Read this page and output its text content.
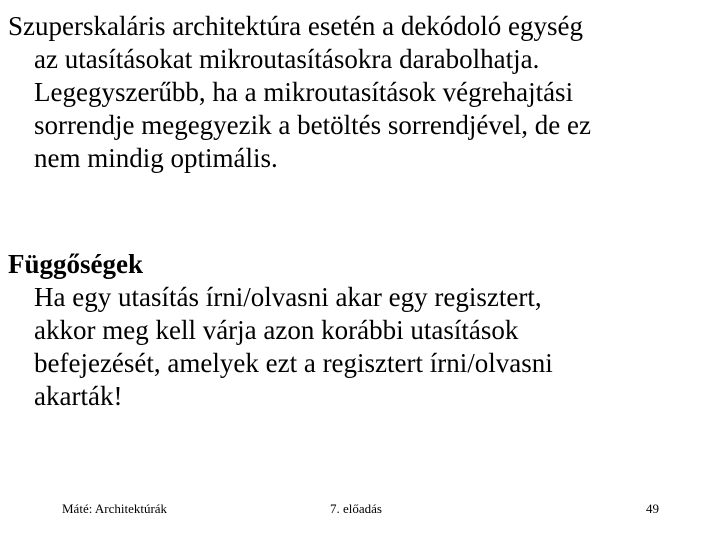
Szuperskaláris architektúra esetén a dekódoló egység
az utasításokat mikroutasításokra darabolhatja.
Legegyszerűbb, ha a mikroutasítások végrehajtási
sorrendje megegyezik a betöltés sorrendjével, de ez
nem mindig optimális.

Függőségek
Ha egy utasítás írni/olvasni akar egy regisztert,
akkor meg kell várja azon korábbi utasítások
befejezését, amelyek ezt a regisztert írni/olvasni
akarták!

Máté: Architektúrák	7. előadás	49
